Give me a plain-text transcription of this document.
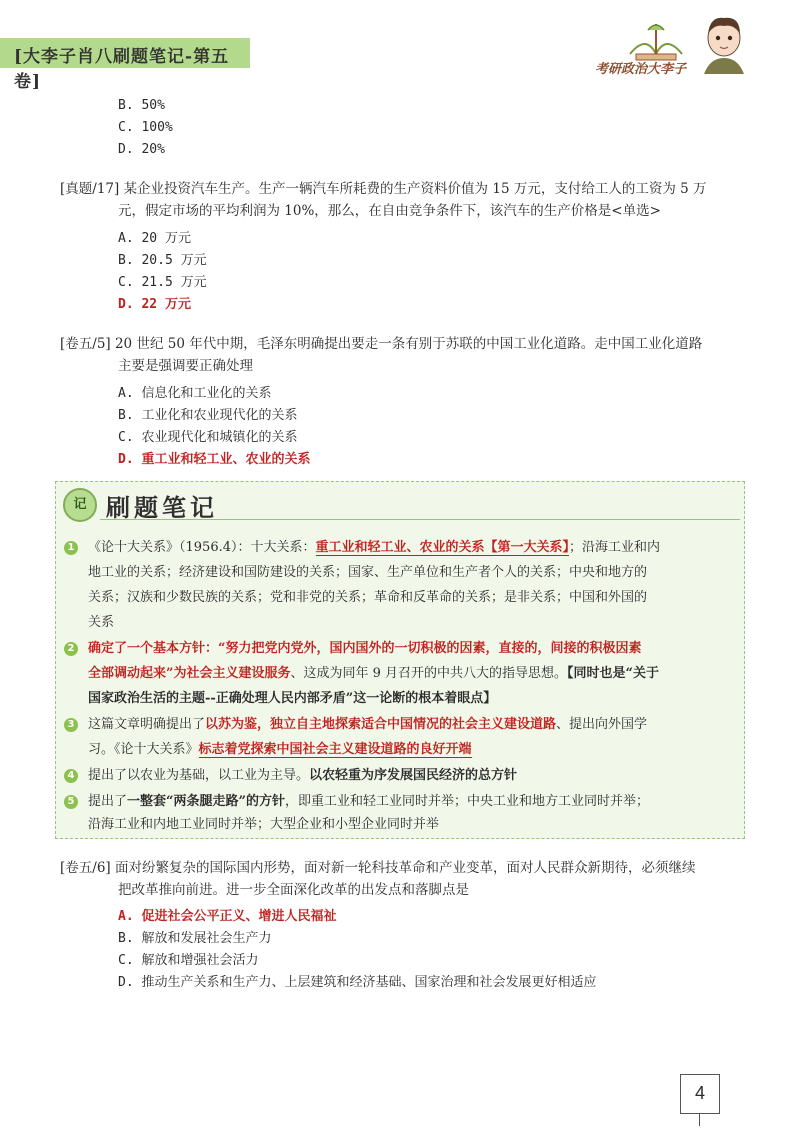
[大李子肖八刷题笔记-第五卷]
考研政治大李子
B. 50%
C. 100%
D. 20%
[真题/17] 某企业投资汽车生产。生产一辆汽车所耗费的生产资料价值为 15 万元，支付给工人的工资为 5 万
元，假定市场的平均利润为 10%，那么，在自由竞争条件下，该汽车的生产价格是<单选>
A. 20 万元
B. 20.5 万元
C. 21.5 万元
D. 22 万元
[卷五/5] 20 世纪 50 年代中期，毛泽东明确提出要走一条有别于苏联的中国工业化道路。走中国工业化道路
主要是强调要正确处理
A. 信息化和工业化的关系
B. 工业化和农业现代化的关系
C. 农业现代化和城镇化的关系
D. 重工业和轻工业、农业的关系
记 刷题笔记
1 《论十大关系》（1956.4）：十大关系：重工业和轻工业、农业的关系【第一大关系】；沿海工业和内
地工业的关系；经济建设和国防建设的关系；国家、生产单位和生产者个人的关系；中央和地方的
关系；汉族和少数民族的关系；党和非党的关系；革命和反革命的关系；是非关系；中国和外国的
关系
2 确定了一个基本方针：“努力把党内党外，国内国外的一切积极的因素，直接的，间接的积极因素
全部调动起来”为社会主义建设服务、这成为同年 9 月召开的中共八大的指导思想。【同时也是“关于
国家政治生活的主题--正确处理人民内部矛盾”这一论断的根本着眼点】
3 这篇文章明确提出了以苏为鉴，独立自主地探索适合中国情况的社会主义建设道路、提出向外国学
习。《论十大关系》标志着党探索中国社会主义建设道路的良好开端
4 提出了以农业为基础，以工业为主导。以农轻重为序发展国民经济的总方针
5 提出了一整套“两条腿走路”的方针，即重工业和轻工业同时并举；中央工业和地方工业同时并举；
沿海工业和内地工业同时并举；大型企业和小型企业同时并举
[卷五/6] 面对纷繁复杂的国际国内形势，面对新一轮科技革命和产业变革，面对人民群众新期待，必须继续
把改革推向前进。进一步全面深化改革的出发点和落脚点是
A. 促进社会公平正义、增进人民福祉
B. 解放和发展社会生产力
C. 解放和增强社会活力
D. 推动生产关系和生产力、上层建筑和经济基础、国家治理和社会发展更好相适应
4
